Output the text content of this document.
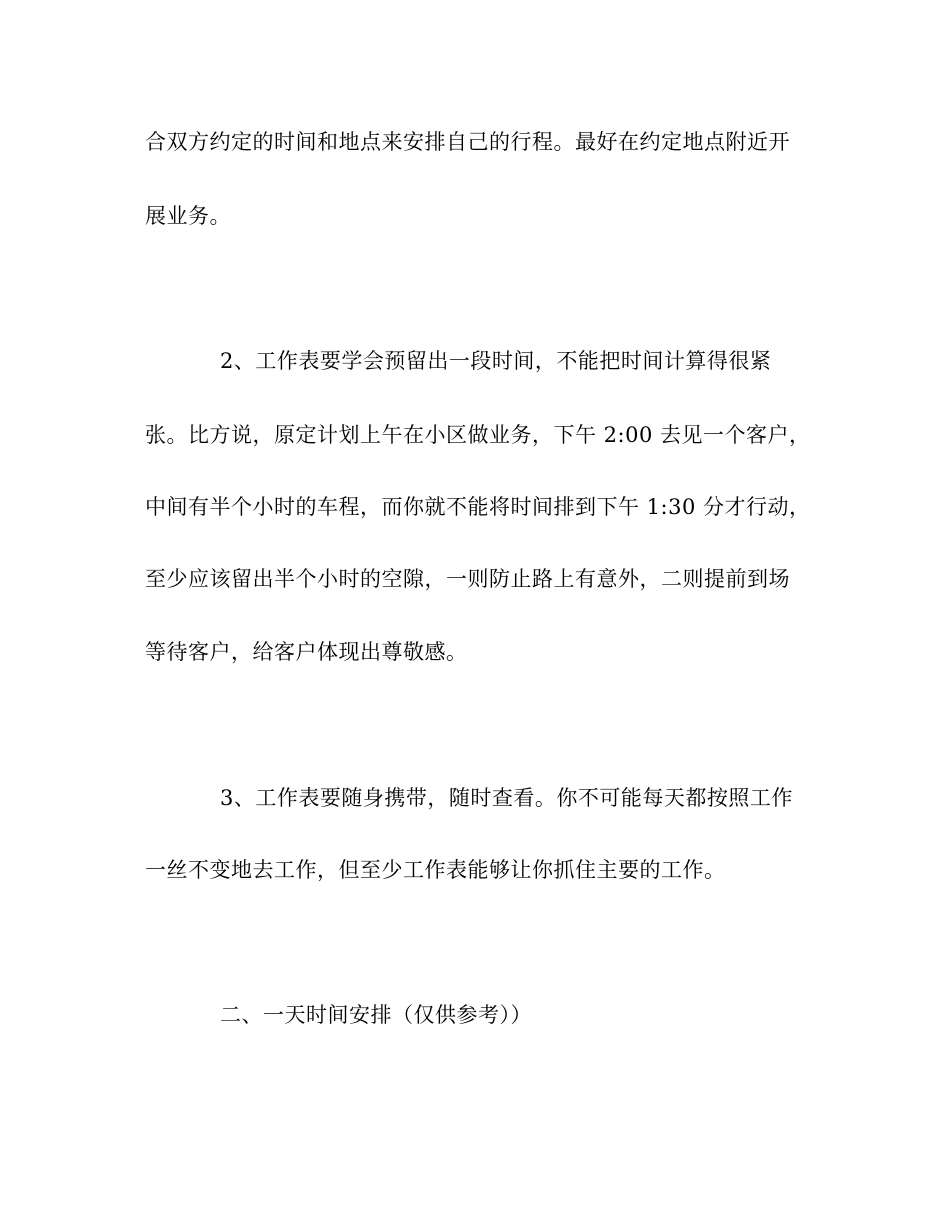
合双方约定的时间和地点来安排自己的行程。最好在约定地点附近开
展业务。
2、工作表要学会预留出一段时间，不能把时间计算得很紧
张。比方说，原定计划上午在小区做业务，下午 2:00 去见一个客户，
中间有半个小时的车程，而你就不能将时间排到下午 1:30 分才行动，
至少应该留出半个小时的空隙，一则防止路上有意外，二则提前到场
等待客户，给客户体现出尊敬感。
3、工作表要随身携带，随时查看。你不可能每天都按照工作
一丝不变地去工作，但至少工作表能够让你抓住主要的工作。
二、一天时间安排（仅供参考））
